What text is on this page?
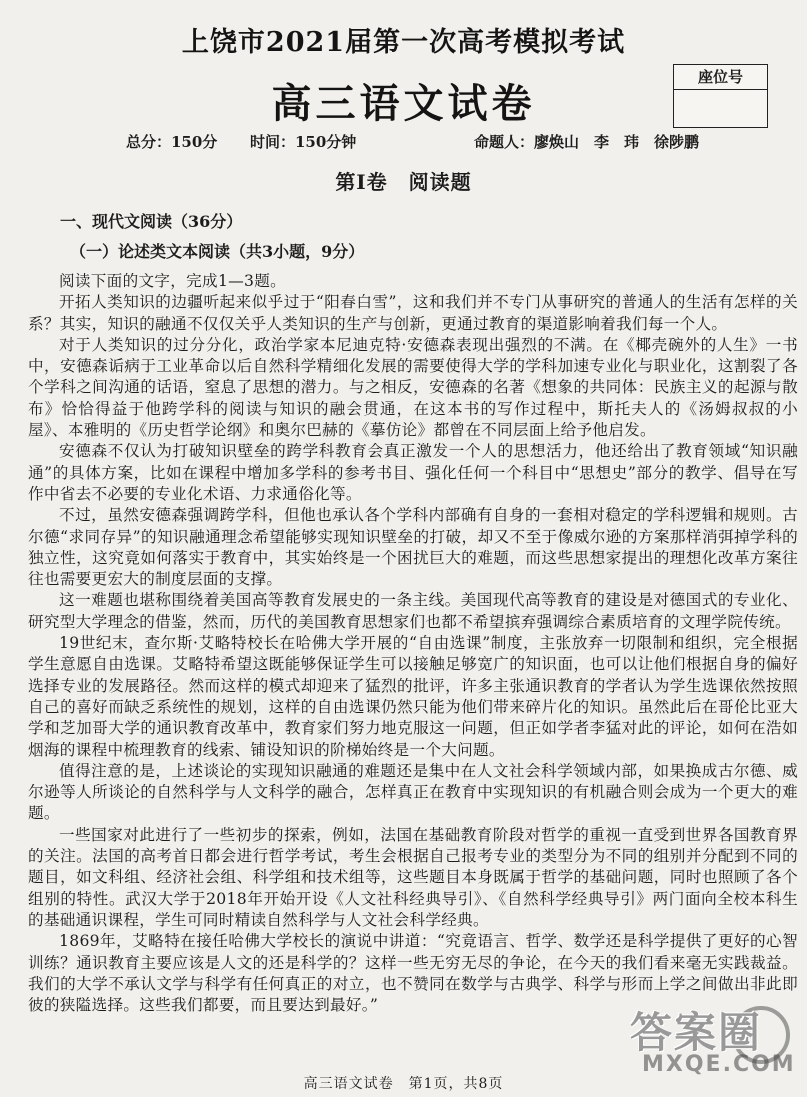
上饶市2021届第一次高考模拟考试
高三语文试卷
座位号
总分：150分 时间：150分钟	命题人：廖焕山　李　玮　徐陟鹏
第Ⅰ卷　阅读题
一、现代文阅读（36分）
（一）论述类文本阅读（共3小题，9分）

阅读下面的文字，完成1—3题。

开拓人类知识的边疆听起来似乎过于“阳春白雪”，这和我们并不专门从事研究的普通人的生活有怎样的关系？其实，知识的融通不仅仅关乎人类知识的生产与创新，更通过教育的渠道影响着我们每一个人。

对于人类知识的过分分化，政治学家本尼迪克特·安德森表现出强烈的不满。在《椰壳碗外的人生》一书中，安德森诟病于工业革命以后自然科学精细化发展的需要使得大学的学科加速专业化与职业化，这割裂了各个学科之间沟通的话语，窒息了思想的潜力。与之相反，安德森的名著《想象的共同体：民族主义的起源与散布》恰恰得益于他跨学科的阅读与知识的融会贯通，在这本书的写作过程中，斯托夫人的《汤姆叔叔的小屋》、本雅明的《历史哲学论纲》和奥尔巴赫的《摹仿论》都曾在不同层面上给予他启发。

安德森不仅认为打破知识壁垒的跨学科教育会真正激发一个人的思想活力，他还给出了教育领域“知识融通”的具体方案，比如在课程中增加多学科的参考书目、强化任何一个科目中“思想史”部分的教学、倡导在写作中省去不必要的专业化术语、力求通俗化等。

不过，虽然安德森强调跨学科，但他也承认各个学科内部确有自身的一套相对稳定的学科逻辑和规则。古尔德“求同存异”的知识融通理念希望能够实现知识壁垒的打破，却又不至于像威尔逊的方案那样消弭掉学科的独立性，这究竟如何落实于教育中，其实始终是一个困扰巨大的难题，而这些思想家提出的理想化改革方案往往也需要更宏大的制度层面的支撑。

这一难题也堪称围绕着美国高等教育发展史的一条主线。美国现代高等教育的建设是对德国式的专业化、研究型大学理念的借鉴，然而，历代的美国教育思想家们也都不希望摈弃强调综合素质培育的文理学院传统。

19世纪末，查尔斯·艾略特校长在哈佛大学开展的“自由选课”制度，主张放弃一切限制和组织，完全根据学生意愿自由选课。艾略特希望这既能够保证学生可以接触足够宽广的知识面，也可以让他们根据自身的偏好选择专业的发展路径。然而这样的模式却迎来了猛烈的批评，许多主张通识教育的学者认为学生选课依然按照自己的喜好而缺乏系统性的规划，这样的自由选课仍然只能为他们带来碎片化的知识。虽然此后在哥伦比亚大学和芝加哥大学的通识教育改革中，教育家们努力地克服这一问题，但正如学者李猛对此的评论，如何在浩如烟海的课程中梳理教育的线索、铺设知识的阶梯始终是一个大问题。

值得注意的是，上述谈论的实现知识融通的难题还是集中在人文社会科学领域内部，如果换成古尔德、威尔逊等人所谈论的自然科学与人文科学的融合，怎样真正在教育中实现知识的有机融合则会成为一个更大的难题。

一些国家对此进行了一些初步的探索，例如，法国在基础教育阶段对哲学的重视一直受到世界各国教育界的关注。法国的高考首日都会进行哲学考试，考生会根据自己报考专业的类型分为不同的组别并分配到不同的题目，如文科组、经济社会组、科学组和技术组等，这些题目本身既属于哲学的基础问题，同时也照顾了各个组别的特性。武汉大学于2018年开始开设《人文社科经典导引》、《自然科学经典导引》两门面向全校本科生的基础通识课程，学生可同时精读自然科学与人文社会科学经典。

1869年，艾略特在接任哈佛大学校长的演说中讲道：“究竟语言、哲学、数学还是科学提供了更好的心智训练？通识教育主要应该是人文的还是科学的？这样一些无穷无尽的争论，在今天的我们看来毫无实践裁益。我们的大学不承认文学与科学有任何真正的对立，也不赞同在数学与古典学、科学与形而上学之间做出非此即彼的狭隘选择。这些我们都要，而且要达到最好。”

高三语文试卷　第1页，共8页
答案圈
MXQE.COM
